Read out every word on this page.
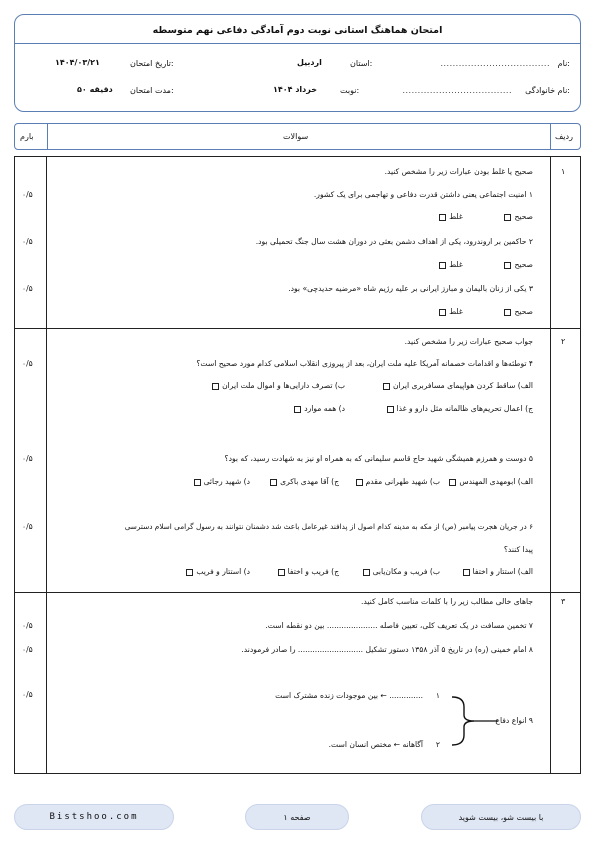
امتحان هماهنگ استانی نوبت دوم آمادگی دفاعی نهم متوسطه
نام:
....................................
نام خانوادگی:
....................................
استان:
اردبیل
نوبت:
خرداد ۱۴۰۴
تاریخ امتحان:
۱۴۰۴/۰۳/۲۱
مدت امتحان:
۵۰ دقیقه
بارم	سوالات	ردیف
۱
صحیح یا غلط بودن عبارات زیر را مشخص کنید.
۰/۵	۱ امنیت اجتماعی یعنی داشتن قدرت دفاعی و تهاجمی برای یک کشور.
صحیح                غلط
۰/۵	۲ حاکمین بر اروندرود، یکی از اهداف دشمن بعثی در دوران هشت سال جنگ تحمیلی بود.
صحیح                غلط
۰/۵	۳ یکی از زنان بالیمان و مبارز ایرانی بر علیه رژیم شاه «مرضیه حدیدچی» بود.
صحیح                غلط
۲
جواب صحیح عبارات زیر را مشخص کنید.
۰/۵	۴ توطئه‌ها و اقدامات خصمانه آمریکا علیه ملت ایران، بعد از پیروزی انقلاب اسلامی کدام مورد صحیح است؟
الف) ساقط کردن هواپیمای مسافربری ایران
ب) تصرف دارایی‌ها و اموال ملت ایران
ج) اعمال تحریم‌های ظالمانه مثل دارو و غذا
د) همه موارد
۰/۵	۵ دوست و همرزم همیشگی شهید حاج قاسم سلیمانی که به همراه او نیز به شهادت رسید، که بود؟
الف) ابومهدی المهندس
ب) شهید طهرانی مقدم
ج) آقا مهدی باکری
د) شهید رجائی
۰/۵	۶ در جریان هجرت پیامبر (ص) از مکه به مدینه کدام اصول از پدافند غیرعامل باعث شد دشمنان نتوانند به رسول گرامی اسلام دسترسی
پیدا کنند؟
الف) استتار و اختفا
ب) فریب و مکان‌یابی
ج) فریب و اختفا
د) استتار و فریب
۳
جاهای خالی مطالب زیر را با کلمات مناسب کامل کنید.
۰/۵	۷ تخمین مسافت در یک تعریف کلی، تعیین فاصله ..................... بین دو نقطه است.
۰/۵	۸ امام خمینی (ره) در تاریخ ۵ آذر ۱۳۵۸ دستور تشکیل ........................... را صادر فرمودند.
۰/۵
۹ انواع دفاع
۱
.............. ← بین موجودات زنده مشترک است
۲
آگاهانه ← مختص انسان است.
Bistshoo.com	صفحه ۱	با بیست شو، بیست شوید
